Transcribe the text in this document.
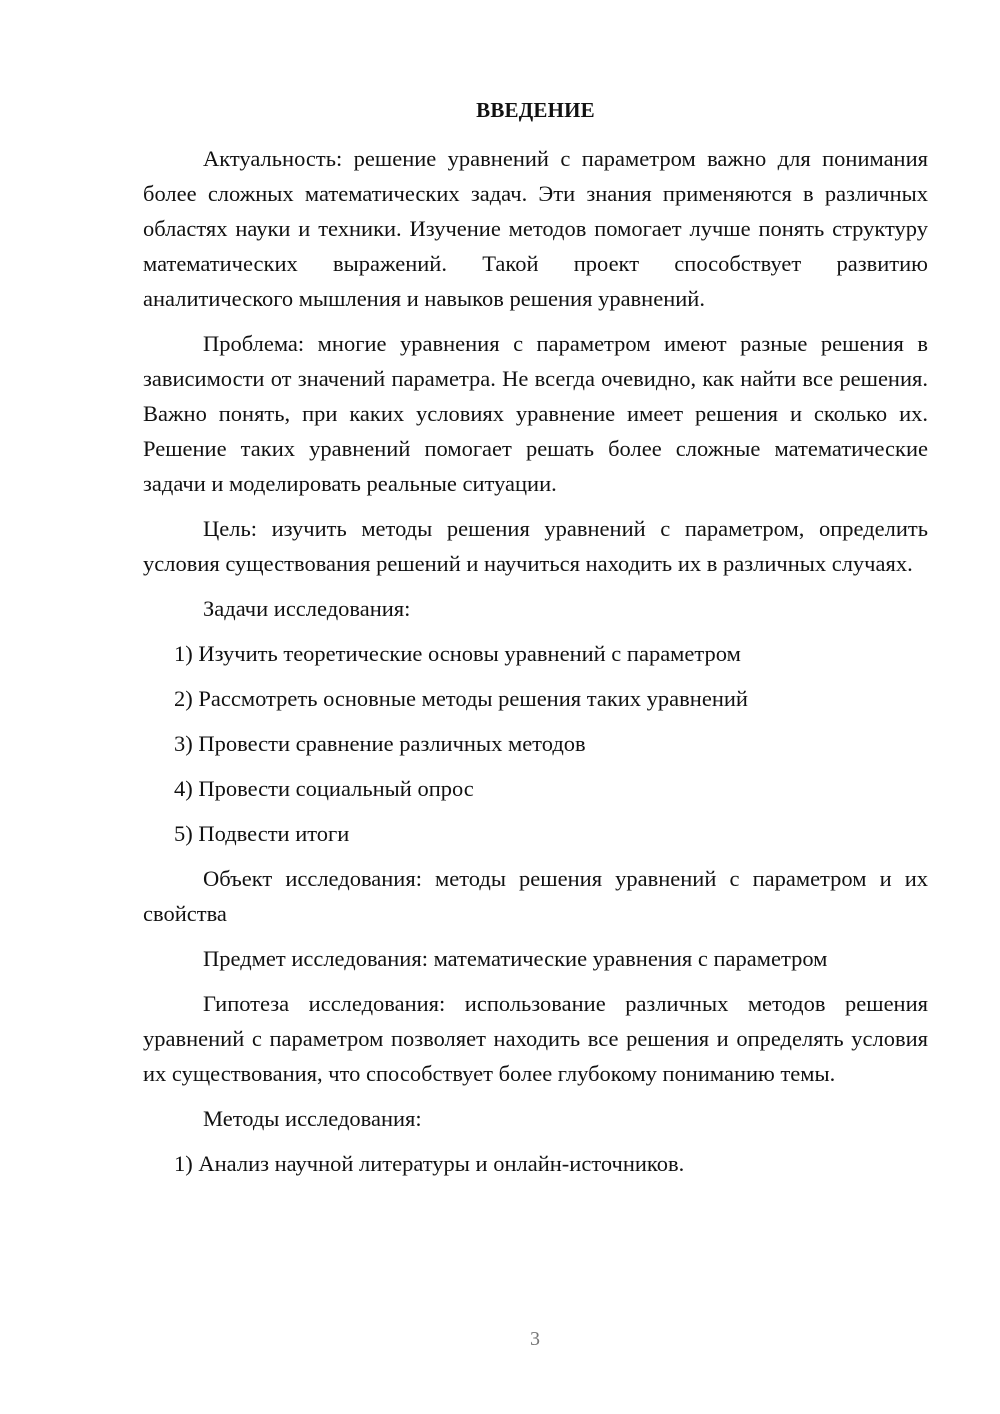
ВВЕДЕНИЕ

Актуальность: решение уравнений с параметром важно для понимания более сложных математических задач. Эти знания применяются в различных областях науки и техники. Изучение методов помогает лучше понять структуру математических выражений. Такой проект способствует развитию аналитического мышления и навыков решения уравнений.

Проблема: многие уравнения с параметром имеют разные решения в зависимости от значений параметра. Не всегда очевидно, как найти все решения. Важно понять, при каких условиях уравнение имеет решения и сколько их. Решение таких уравнений помогает решать более сложные математические задачи и моделировать реальные ситуации.

Цель: изучить методы решения уравнений с параметром, определить условия существования решений и научиться находить их в различных случаях.

Задачи исследования:

1) Изучить теоретические основы уравнений с параметром
2) Рассмотреть основные методы решения таких уравнений
3) Провести сравнение различных методов
4) Провести социальный опрос
5) Подвести итоги

Объект исследования: методы решения уравнений с параметром и их свойства

Предмет исследования: математические уравнения с параметром

Гипотеза исследования: использование различных методов решения уравнений с параметром позволяет находить все решения и определять условия их существования, что способствует более глубокому пониманию темы.

Методы исследования:

1) Анализ научной литературы и онлайн-источников.
3
